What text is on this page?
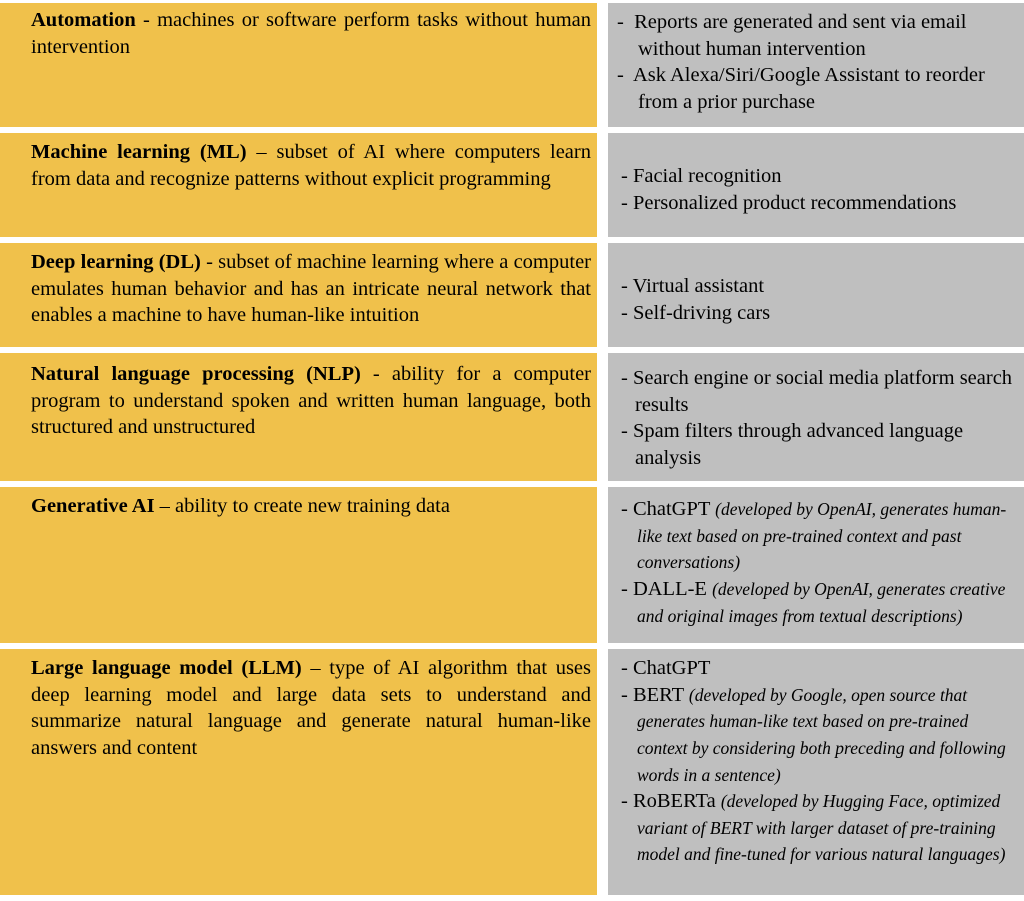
Automation - machines or software perform tasks without human intervention
- Reports are generated and sent via email without human intervention
- Ask Alexa/Siri/Google Assistant to reorder from a prior purchase
Machine learning (ML) – subset of AI where computers learn from data and recognize patterns without explicit programming	- Facial recognition
- Personalized product recommendations
Deep learning (DL) - subset of machine learning where a computer emulates human behavior and has an intricate neural network that enables a machine to have human-like intuition
- Virtual assistant
- Self-driving cars
Natural language processing (NLP) - ability for a computer program to understand spoken and written human language, both structured and unstructured
- Search engine or social media platform search results
- Spam filters through advanced language analysis
Generative AI – ability to create new training data	- ChatGPT (developed by OpenAI, generates human-like text based on pre-trained context and past conversations)
- DALL-E (developed by OpenAI, generates creative and original images from textual descriptions)
Large language model (LLM) – type of AI algorithm that uses deep learning model and large data sets to understand and summarize natural language and generate natural human-like answers and content
- ChatGPT
- BERT (developed by Google, open source that generates human-like text based on pre-trained context by considering both preceding and following words in a sentence)
- RoBERTa (developed by Hugging Face, optimized variant of BERT with larger dataset of pre-training model and fine-tuned for various natural languages)
